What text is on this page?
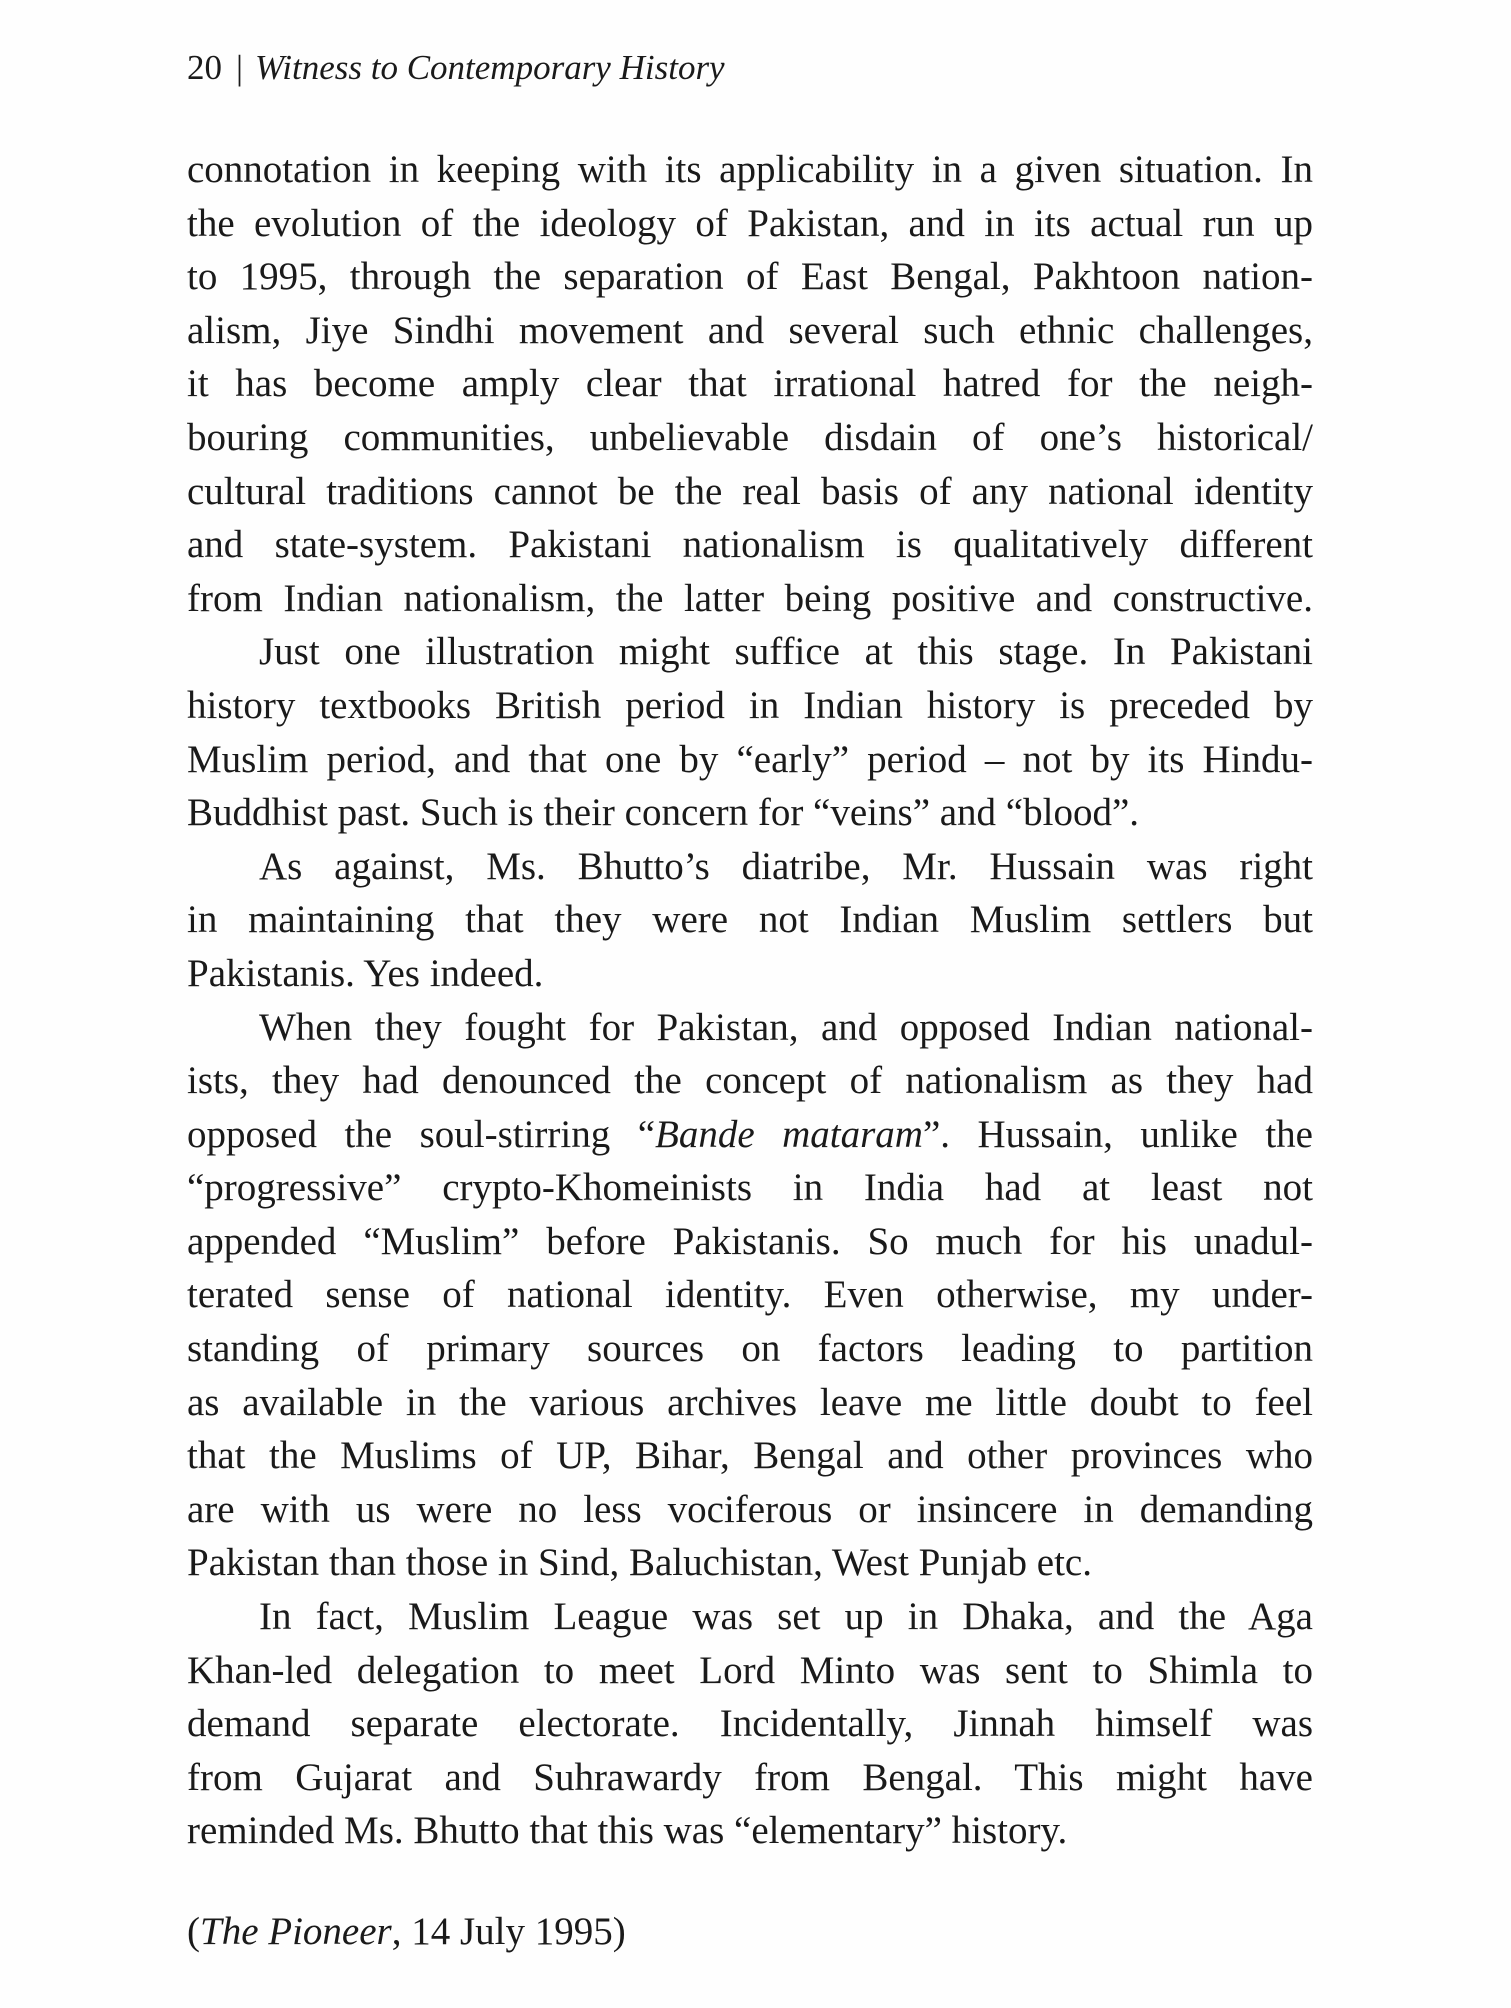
20 | Witness to Contemporary History
connotation in keeping with its applicability in a given situation. In
the evolution of the ideology of Pakistan, and in its actual run up
to 1995, through the separation of East Bengal, Pakhtoon nation-
alism, Jiye Sindhi movement and several such ethnic challenges,
it has become amply clear that irrational hatred for the neigh-
bouring communities, unbelievable disdain of one’s historical/
cultural traditions cannot be the real basis of any national identity
and state-system. Pakistani nationalism is qualitatively different
from Indian nationalism, the latter being positive and constructive.
Just one illustration might suffice at this stage. In Pakistani
history textbooks British period in Indian history is preceded by
Muslim period, and that one by “early” period – not by its Hindu-
Buddhist past. Such is their concern for “veins” and “blood”.
As against, Ms. Bhutto’s diatribe, Mr. Hussain was right
in maintaining that they were not Indian Muslim settlers but
Pakistanis. Yes indeed.
When they fought for Pakistan, and opposed Indian national-
ists, they had denounced the concept of nationalism as they had
opposed the soul-stirring “Bande mataram”. Hussain, unlike the
“progressive” crypto-Khomeinists in India had at least not
appended “Muslim” before Pakistanis. So much for his unadul-
terated sense of national identity. Even otherwise, my under-
standing of primary sources on factors leading to partition
as available in the various archives leave me little doubt to feel
that the Muslims of UP, Bihar, Bengal and other provinces who
are with us were no less vociferous or insincere in demanding
Pakistan than those in Sind, Baluchistan, West Punjab etc.
In fact, Muslim League was set up in Dhaka, and the Aga
Khan-led delegation to meet Lord Minto was sent to Shimla to
demand separate electorate. Incidentally, Jinnah himself was
from Gujarat and Suhrawardy from Bengal. This might have
reminded Ms. Bhutto that this was “elementary” history.
(The Pioneer, 14 July 1995)
